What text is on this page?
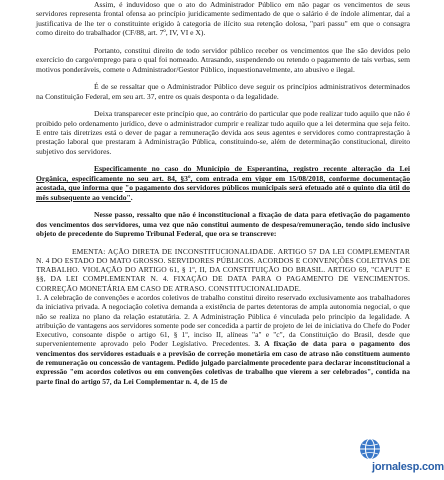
Assim, é induvidoso que o ato do Administrador Público em não pagar os vencimentos de seus servidores representa frontal ofensa ao princípio juridicamente sedimentado de que o salário é de índole alimentar, daí a justificativa de lhe ter o constituinte erigido à categoria de ilícito sua retenção dolosa, "pari passu" em que o consagra como direito do trabalhador (CF/88, art. 7º, IV, VI e X).

Portanto, constitui direito de todo servidor público receber os vencimentos que lhe são devidos pelo exercício do cargo/emprego para o qual foi nomeado. Atrasando, suspendendo ou retendo o pagamento de tais verbas, sem motivos ponderáveis, comete o Administrador/Gestor Público, inquestionavelmente, ato abusivo e ilegal.

É de se ressaltar que o Administrador Público deve seguir os princípios administrativos determinados na Constituição Federal, em seu art. 37, entre os quais desponta o da legalidade.

Deixa transparecer este princípio que, ao contrário do particular que pode realizar tudo aquilo que não é proibido pelo ordenamento jurídico, deve o administrador cumprir e realizar tudo aquilo que a lei determina que seja feito. E entre tais diretrizes está o dever de pagar a remuneração devida aos seus agentes e servidores como contraprestação à prestação laboral que prestaram à Administração Pública, constituindo-se, além de determinação constitucional, direito subjetivo dos servidores.

Especificamente no caso do Município de Esperantina, registro recente alteração da Lei Orgânica, especificamente no seu art. 84, §3º, com entrada em vigor em 15/08/2018, conforme documentação acostada, que informa que "o pagamento dos servidores públicos municipais será efetuado até o quinto dia útil do mês subsequente ao vencido".

Nesse passo, ressalto que não é inconstitucional a fixação de data para efetivação do pagamento dos vencimentos dos servidores, uma vez que não constitui aumento de despesa/remuneração, tendo sido inclusive objeto de precedente do Supremo Tribunal Federal, que ora se transcreve:

EMENTA: AÇÃO DIRETA DE INCONSTITUCIONALIDADE. ARTIGO 57 DA LEI COMPLEMENTAR N. 4 DO ESTADO DO MATO GROSSO. SERVIDORES PÚBLICOS. ACORDOS E CONVENÇÕES COLETIVAS DE TRABALHO. VIOLAÇÃO DO ARTIGO 61, § 1º, II, DA CONSTITUIÇÃO DO BRASIL. ARTIGO 69, "CAPUT" E §§, DA LEI COMPLEMENTAR N. 4. FIXAÇÃO DE DATA PARA O PAGAMENTO DE VENCIMENTOS. CORREÇÃO MONETÁRIA EM CASO DE ATRASO. CONSTITUCIONALIDADE.

1. A celebração de convenções e acordos coletivos de trabalho constitui direito reservado exclusivamente aos trabalhadores da iniciativa privada. A negociação coletiva demanda a existência de partes detentoras de ampla autonomia negocial, o que não se realiza no plano da relação estatutária. 2. A Administração Pública é vinculada pelo princípio da legalidade. A atribuição de vantagens aos servidores somente pode ser concedida a partir de projeto de lei de iniciativa do Chefe do Poder Executivo, consoante dispõe o artigo 61, § 1º, inciso II, alíneas "a" e "c", da Constituição do Brasil, desde que supervenientemente aprovado pelo Poder Legislativo. Precedentes. 3. A fixação de data para o pagamento dos vencimentos dos servidores estaduais e a previsão de correção monetária em caso de atraso não constituem aumento de remuneração ou concessão de vantagem. Pedido julgado parcialmente procedente para declarar inconstitucional a expressão "em acordos coletivos ou em convenções coletivas de trabalho que vierem a ser celebrados", contida na parte final do artigo 57, da Lei Complementar n. 4, de 15 de

jornalesp.com
